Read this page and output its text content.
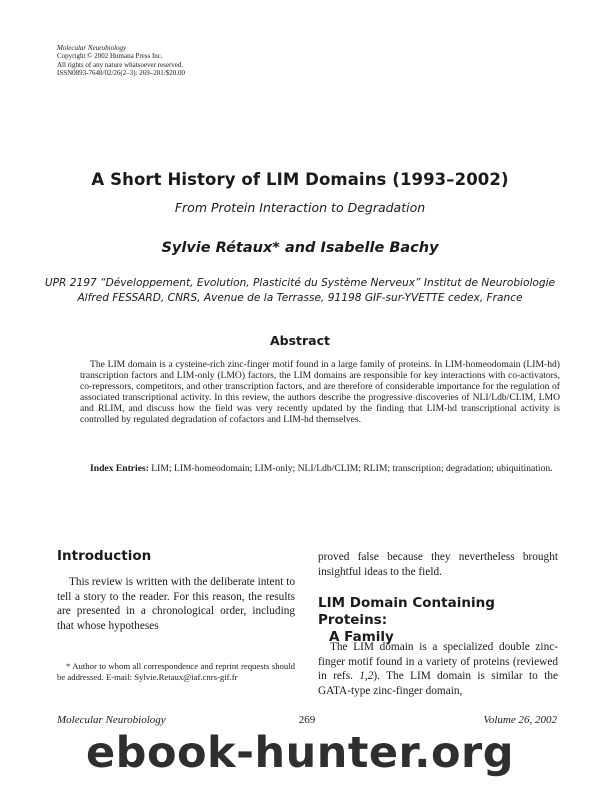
Molecular Neurobiology
Copyright © 2002 Humana Press Inc.
All rights of any nature whatsoever reserved.
ISSN0893-7648/02/26(2–3): 269–281/$20.00
A Short History of LIM Domains (1993–2002)
From Protein Interaction to Degradation
Sylvie Rétaux* and Isabelle Bachy
UPR 2197 “Développement, Evolution, Plasticité du Système Nerveux” Institut de Neurobiologie
Alfred FESSARD, CNRS, Avenue de la Terrasse, 91198 GIF-sur-YVETTE cedex, France
Abstract

The LIM domain is a cysteine-rich zinc-finger motif found in a large family of proteins. In LIM-homeodomain (LIM-hd) transcription factors and LIM-only (LMO) factors, the LIM domains are responsible for key interactions with co-activators, co-repressors, competitors, and other transcription factors, and are therefore of considerable importance for the regulation of associated transcriptional activity. In this review, the authors describe the progressive discoveries of NLI/Ldb/CLIM, LMO and RLIM, and discuss how the field was very recently updated by the finding that LIM-hd transcriptional activity is controlled by regulated degradation of cofactors and LIM-hd themselves.

Index Entries: LIM; LIM-homeodomain; LIM-only; NLI/Ldb/CLIM; RLIM; transcription; degradation; ubiquitination.

Introduction

This review is written with the deliberate intent to tell a story to the reader. For this reason, the results are presented in a chronological order, including that whose hypotheses

* Author to whom all correspondence and reprint requests should be addressed. E-mail: Sylvie.Retaux@iaf.cnrs-gif.fr

proved false because they nevertheless brought insightful ideas to the field.

LIM Domain Containing Proteins:
A Family

The LIM domain is a specialized double zinc-finger motif found in a variety of proteins (reviewed in refs. 1,2). The LIM domain is similar to the GATA-type zinc-finger domain,

269
Molecular Neurobiology	Volume 26, 2002
ebook-hunter.org
